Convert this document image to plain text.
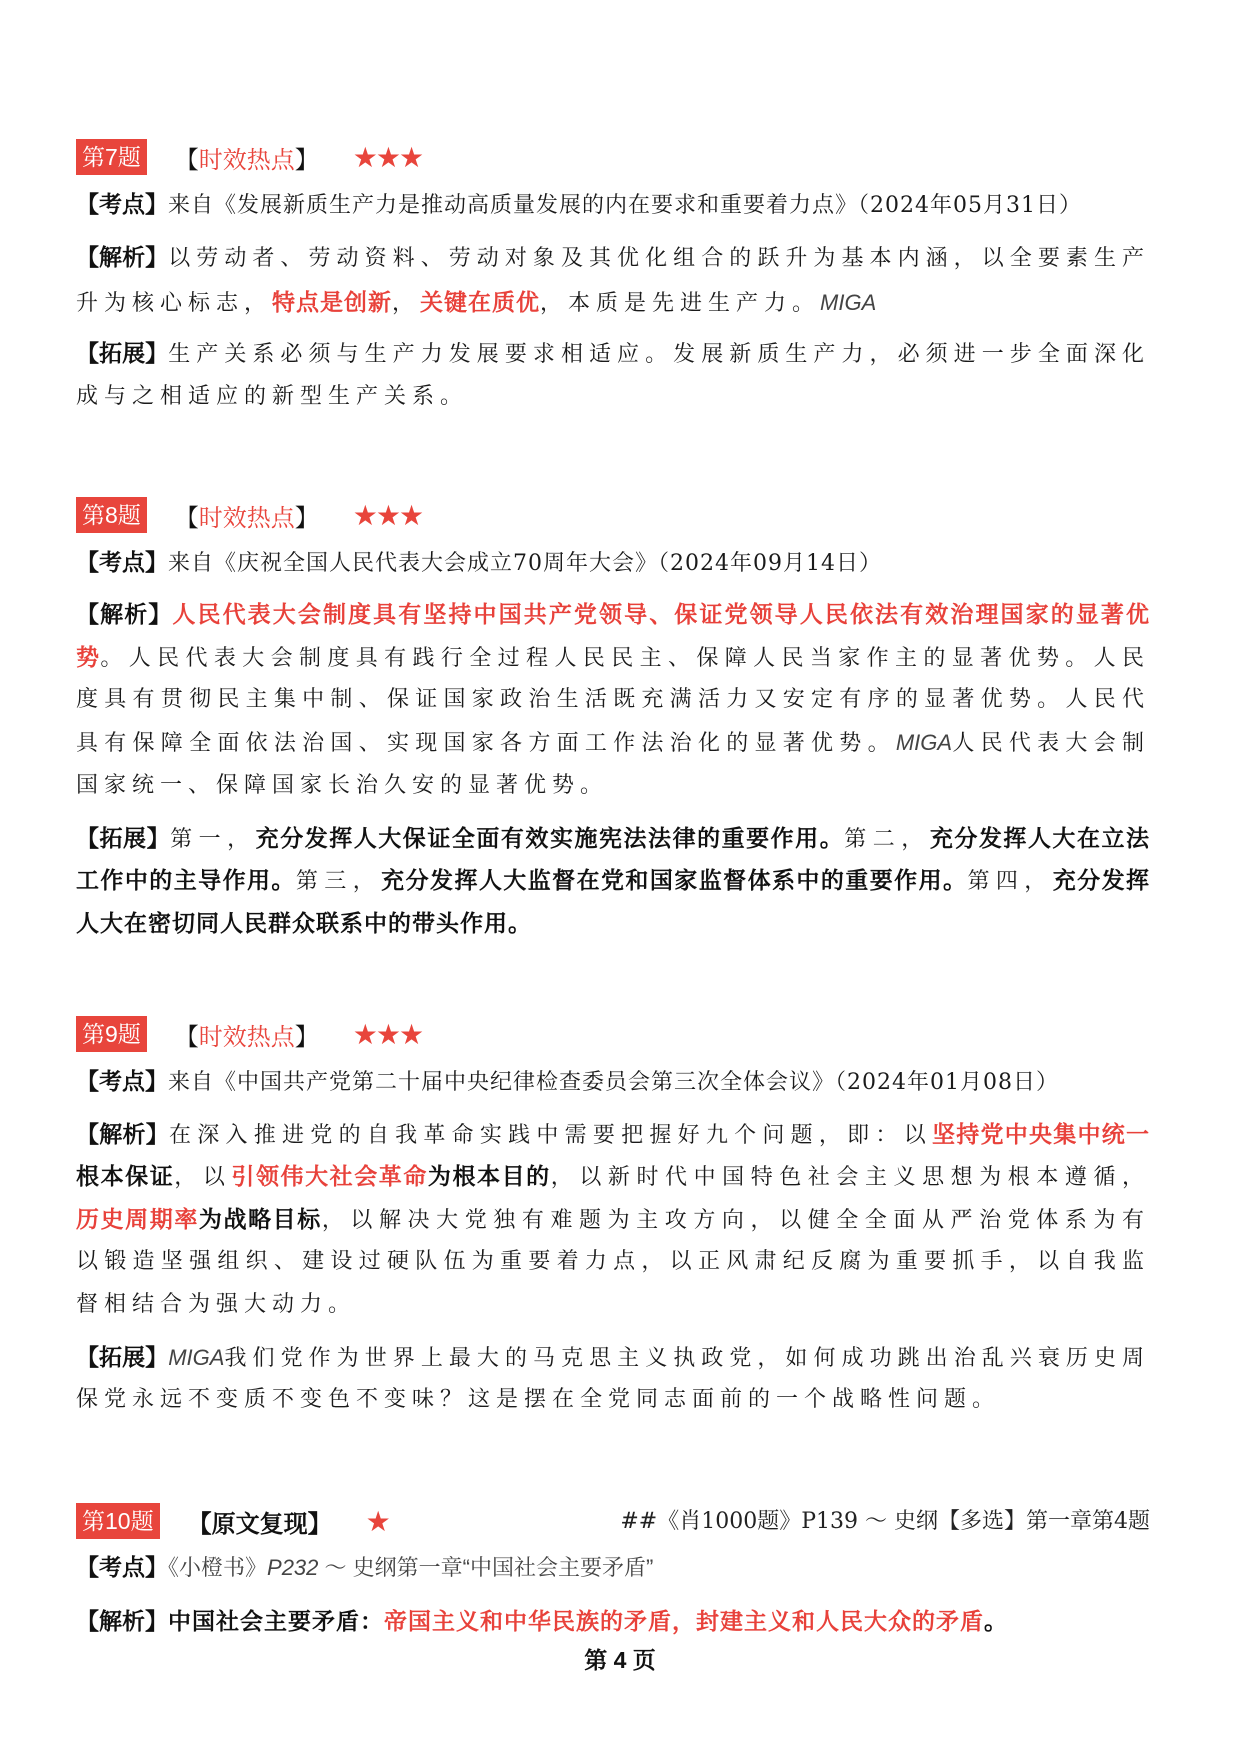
第7题 【时效热点】 ★★★
【考点】来自《发展新质生产力是推动高质量发展的内在要求和重要着力点》（2024年05月31日）
【解析】以劳动者、劳动资料、劳动对象及其优化组合的跃升为基本内涵，以全要素生产
升为核心标志，特点是创新，关键在质优，本质是先进生产力。MIGA
【拓展】生产关系必须与生产力发展要求相适应。发展新质生产力，必须进一步全面深化
成与之相适应的新型生产关系。
第8题 【时效热点】 ★★★
【考点】来自《庆祝全国人民代表大会成立70周年大会》（2024年09月14日）
【解析】人民代表大会制度具有坚持中国共产党领导、保证党领导人民依法有效治理国家的显著优
势。人民代表大会制度具有践行全过程人民民主、保障人民当家作主的显著优势。人民
度具有贯彻民主集中制、保证国家政治生活既充满活力又安定有序的显著优势。人民代
具有保障全面依法治国、实现国家各方面工作法治化的显著优势。MIGA人民代表大会制
国家统一、保障国家长治久安的显著优势。
【拓展】第一，充分发挥人大保证全面有效实施宪法法律的重要作用。第二，充分发挥人大在立法
工作中的主导作用。第三，充分发挥人大监督在党和国家监督体系中的重要作用。第四，充分发挥
人大在密切同人民群众联系中的带头作用。
第9题 【时效热点】 ★★★
【考点】来自《中国共产党第二十届中央纪律检查委员会第三次全体会议》（2024年01月08日）
【解析】在深入推进党的自我革命实践中需要把握好九个问题，即：以坚持党中央集中统一
根本保证，以引领伟大社会革命为根本目的，以新时代中国特色社会主义思想为根本遵循，
历史周期率为战略目标，以解决大党独有难题为主攻方向，以健全全面从严治党体系为有
以锻造坚强组织、建设过硬队伍为重要着力点，以正风肃纪反腐为重要抓手，以自我监
督相结合为强大动力。
【拓展】MIGA我们党作为世界上最大的马克思主义执政党，如何成功跳出治乱兴衰历史周
保党永远不变质不变色不变味？这是摆在全党同志面前的一个战略性问题。
第10题 【原文复现】 ★	##《肖1000题》P139 ～ 史纲【多选】第一章第4题
【考点】《小橙书》P232 ～ 史纲第一章“中国社会主要矛盾”
【解析】中国社会主要矛盾：帝国主义和中华民族的矛盾，封建主义和人民大众的矛盾。
第 4 页
